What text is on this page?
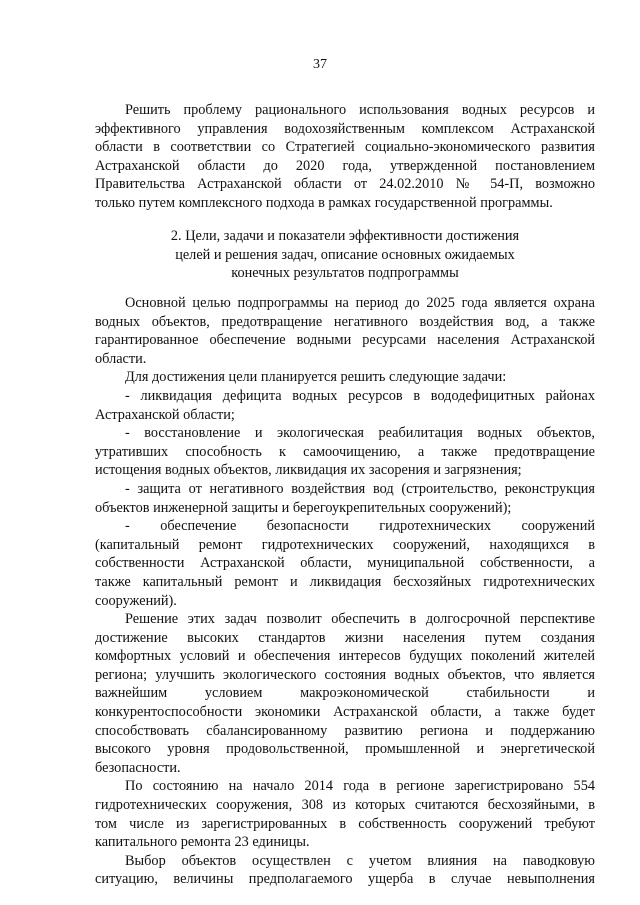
37
Решить проблему рационального использования водных ресурсов и
эффективного управления водохозяйственным комплексом Астраханской
области в соответствии со Стратегией социально-экономического развития
Астраханской области до 2020 года, утвержденной постановлением
Правительства Астраханской области от 24.02.2010 № 54-П, возможно
только путем комплексного подхода в рамках государственной программы.
2. Цели, задачи и показатели эффективности достижения
целей и решения задач, описание основных ожидаемых
конечных результатов подпрограммы
Основной целью подпрограммы на период до 2025 года является охрана
водных объектов, предотвращение негативного воздействия вод, а также
гарантированное обеспечение водными ресурсами населения Астраханской
области.
Для достижения цели планируется решить следующие задачи:
- ликвидация дефицита водных ресурсов в вододефицитных районах
Астраханской области;
- восстановление и экологическая реабилитация водных объектов,
утративших способность к самоочищению, а также предотвращение
истощения водных объектов, ликвидация их засорения и загрязнения;
- защита от негативного воздействия вод (строительство, реконструкция
объектов инженерной защиты и берегоукрепительных сооружений);
- обеспечение безопасности гидротехнических сооружений
(капитальный ремонт гидротехнических сооружений, находящихся в
собственности Астраханской области, муниципальной собственности, а
также капитальный ремонт и ликвидация бесхозяйных гидротехнических
сооружений).
Решение этих задач позволит обеспечить в долгосрочной перспективе
достижение высоких стандартов жизни населения путем создания
комфортных условий и обеспечения интересов будущих поколений жителей
региона; улучшить экологического состояния водных объектов, что является
важнейшим условием макроэкономической стабильности и
конкурентоспособности экономики Астраханской области, а также будет
способствовать сбалансированному развитию региона и поддержанию
высокого уровня продовольственной, промышленной и энергетической
безопасности.
По состоянию на начало 2014 года в регионе зарегистрировано 554
гидротехнических сооружения, 308 из которых считаются бесхозяйными, в
том числе из зарегистрированных в собственность сооружений требуют
капитального ремонта 23 единицы.
Выбор объектов осуществлен с учетом влияния на паводковую
ситуацию, величины предполагаемого ущерба в случае невыполнения
